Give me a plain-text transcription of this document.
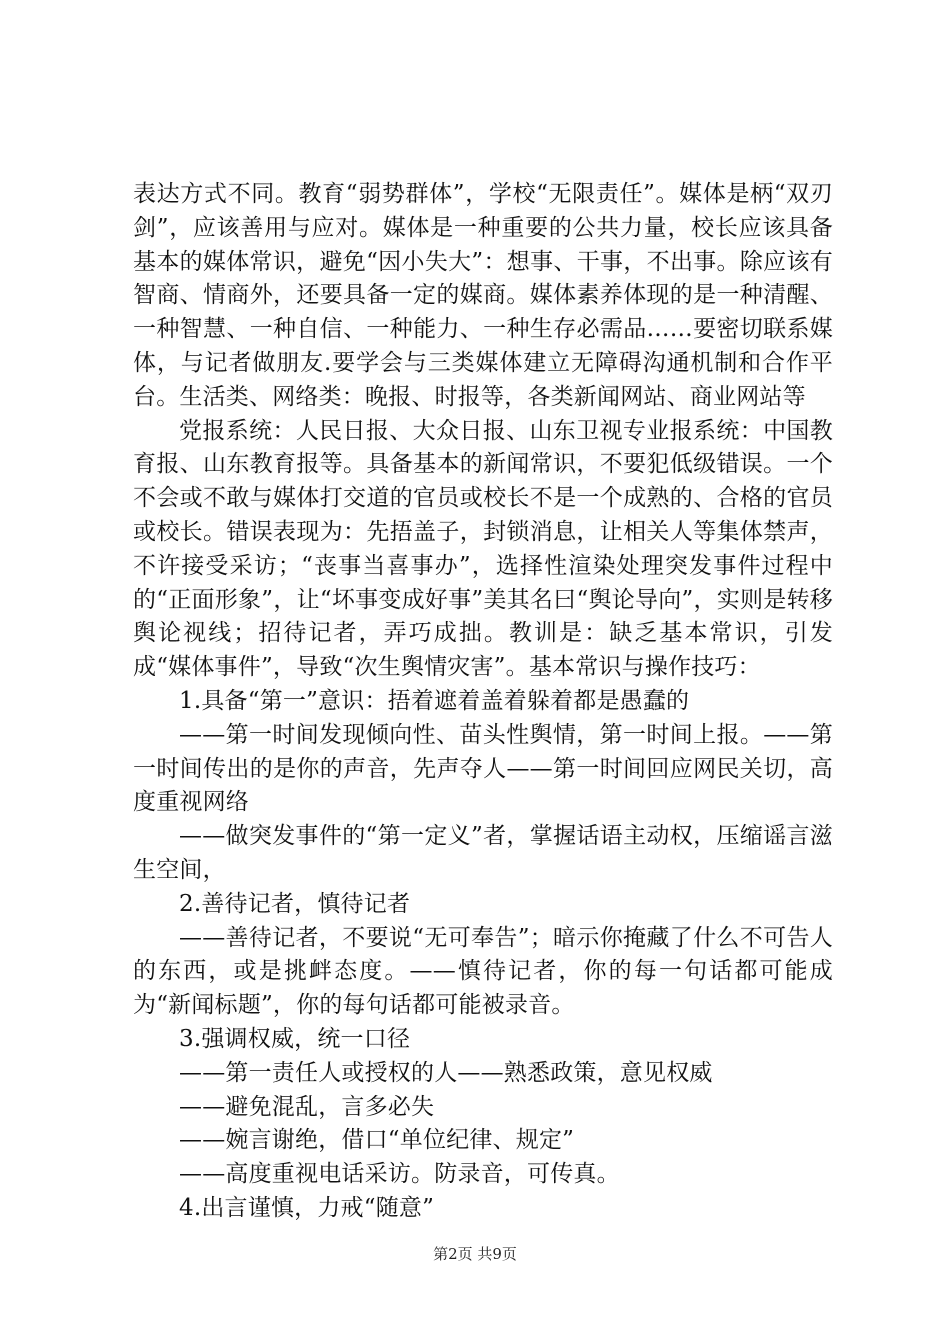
表达方式不同。教育“弱势群体”，学校“无限责任”。媒体是柄“双刃剑”，应该善用与应对。媒体是一种重要的公共力量，校长应该具备基本的媒体常识，避免“因小失大”：想事、干事，不出事。除应该有智商、情商外，还要具备一定的媒商。媒体素养体现的是一种清醒、一种智慧、一种自信、一种能力、一种生存必需品……要密切联系媒体，与记者做朋友.要学会与三类媒体建立无障碍沟通机制和合作平台。生活类、网络类：晚报、时报等，各类新闻网站、商业网站等

党报系统：人民日报、大众日报、山东卫视专业报系统：中国教育报、山东教育报等。具备基本的新闻常识，不要犯低级错误。一个不会或不敢与媒体打交道的官员或校长不是一个成熟的、合格的官员或校长。错误表现为：先捂盖子，封锁消息，让相关人等集体禁声，不许接受采访；“丧事当喜事办”，选择性渲染处理突发事件过程中的“正面形象”，让“坏事变成好事”美其名曰“舆论导向”，实则是转移舆论视线；招待记者，弄巧成拙。教训是：缺乏基本常识，引发成“媒体事件”，导致“次生舆情灾害”。基本常识与操作技巧：

1.具备“第一”意识：捂着遮着盖着躲着都是愚蠢的

——第一时间发现倾向性、苗头性舆情，第一时间上报。——第一时间传出的是你的声音，先声夺人——第一时间回应网民关切，高度重视网络

——做突发事件的“第一定义”者，掌握话语主动权，压缩谣言滋生空间，

2.善待记者，慎待记者

——善待记者，不要说“无可奉告”；暗示你掩藏了什么不可告人的东西，或是挑衅态度。——慎待记者，你的每一句话都可能成为“新闻标题”，你的每句话都可能被录音。

3.强调权威，统一口径

——第一责任人或授权的人——熟悉政策，意见权威

——避免混乱，言多必失

——婉言谢绝，借口“单位纪律、规定”

——高度重视电话采访。防录音，可传真。

4.出言谨慎，力戒“随意”

第2页 共9页
